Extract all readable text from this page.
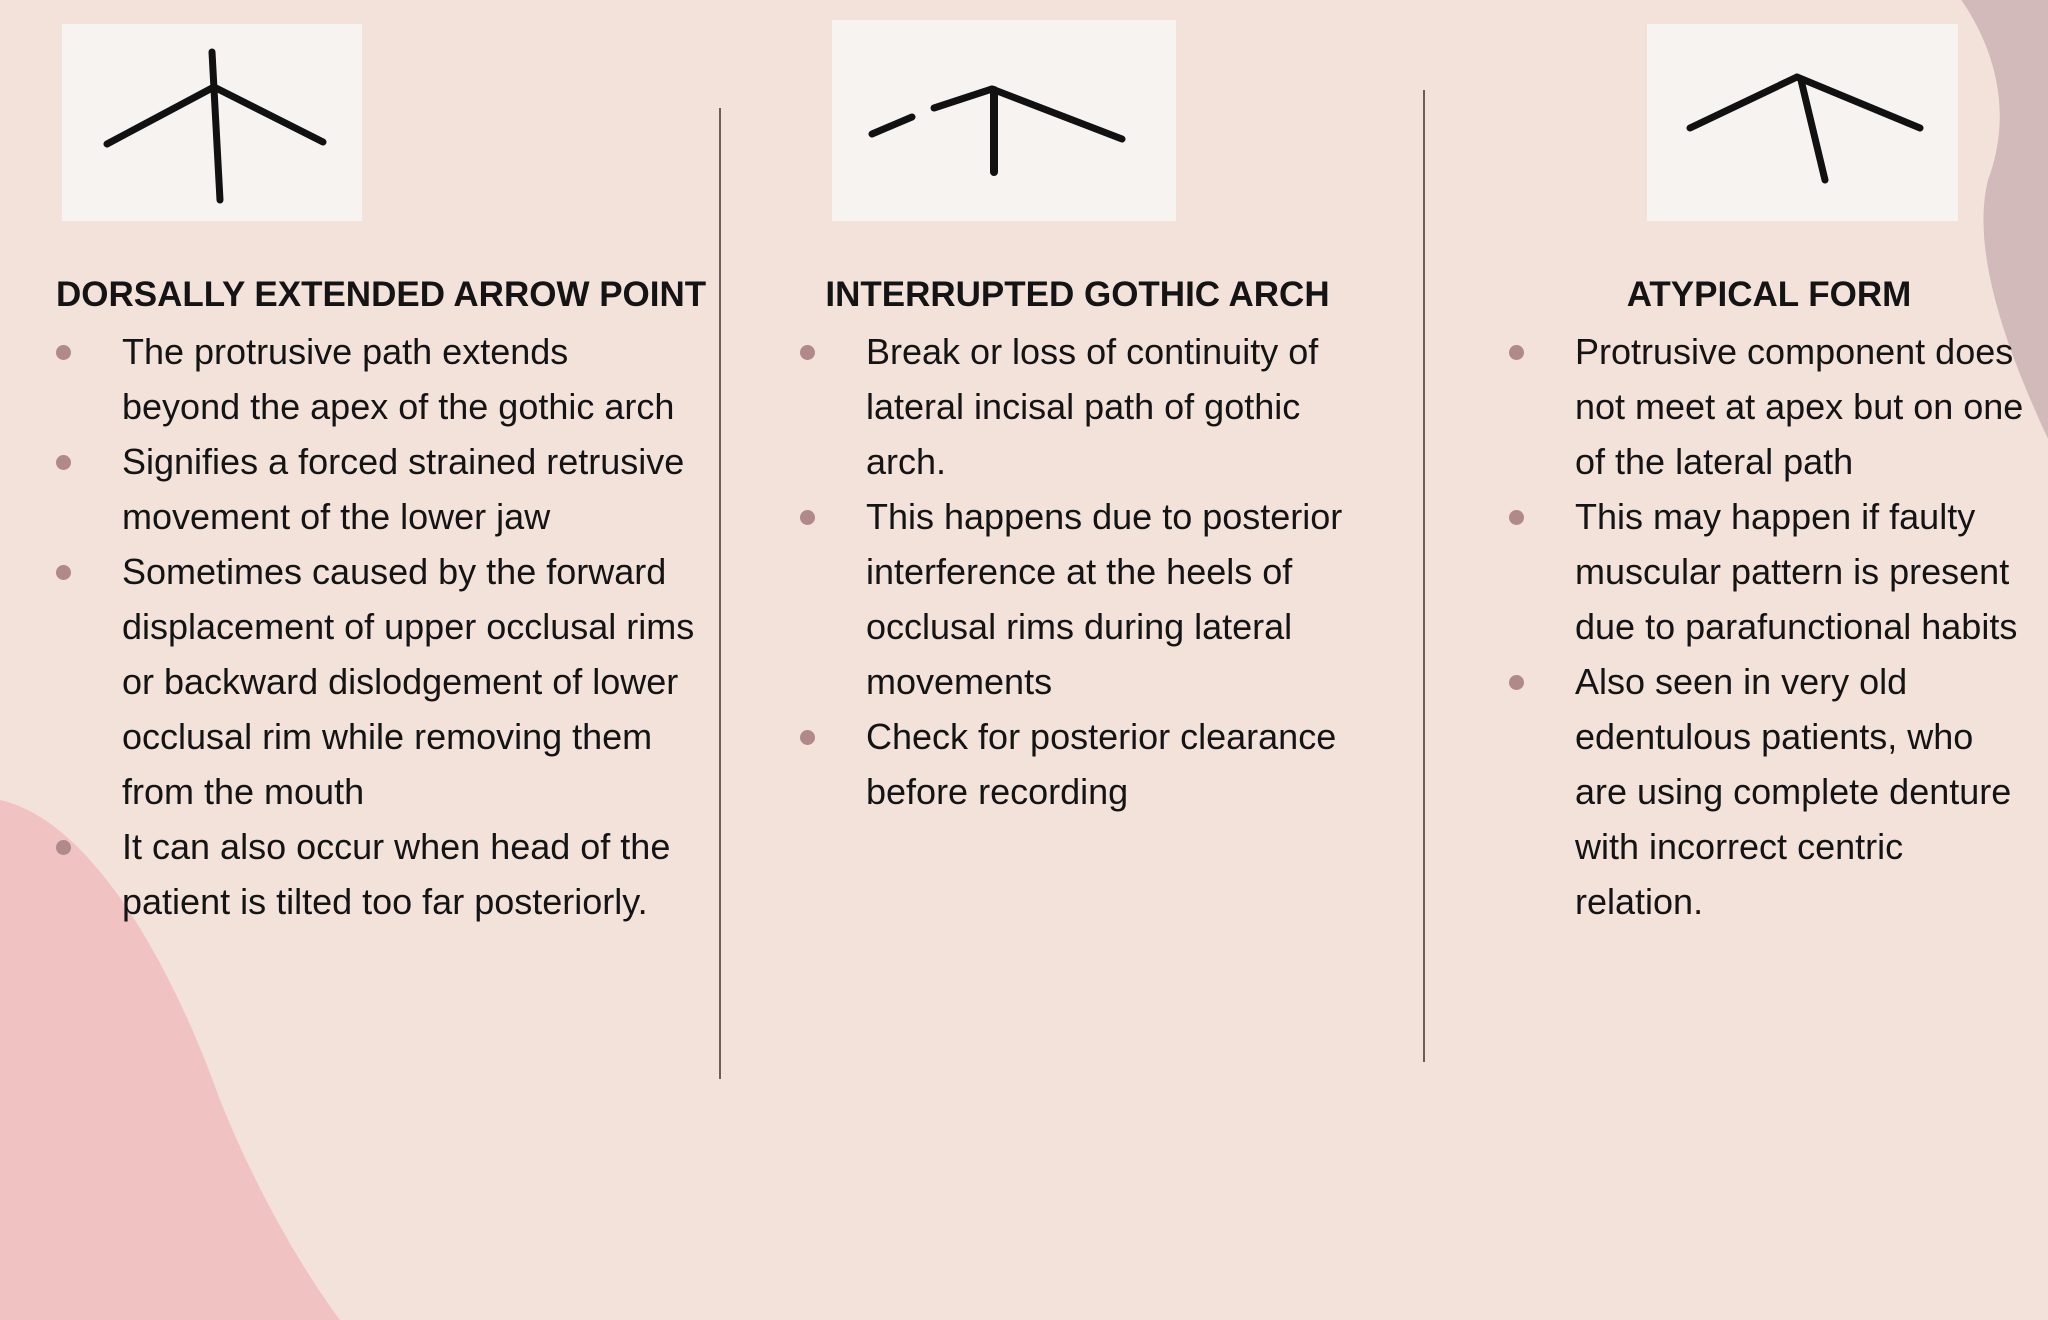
DORSALLY EXTENDED ARROW POINT
The protrusive path extends beyond the apex of the gothic arch
Signifies a forced strained retrusive movement of the lower jaw
Sometimes caused by the forward displacement of upper occlusal rims or backward dislodgement of lower occlusal rim while removing them from the mouth
It can also occur when head of the patient is tilted too far posteriorly.
INTERRUPTED GOTHIC ARCH
Break or loss of continuity of lateral incisal path of gothic arch.
This happens due to posterior interference at the heels of occlusal rims during lateral movements
Check for posterior clearance before recording
ATYPICAL FORM
Protrusive component does not meet at apex but on one of the lateral path
This may happen if faulty muscular pattern is present due to parafunctional habits
Also seen in very old edentulous patients, who are using complete denture with incorrect centric relation.
